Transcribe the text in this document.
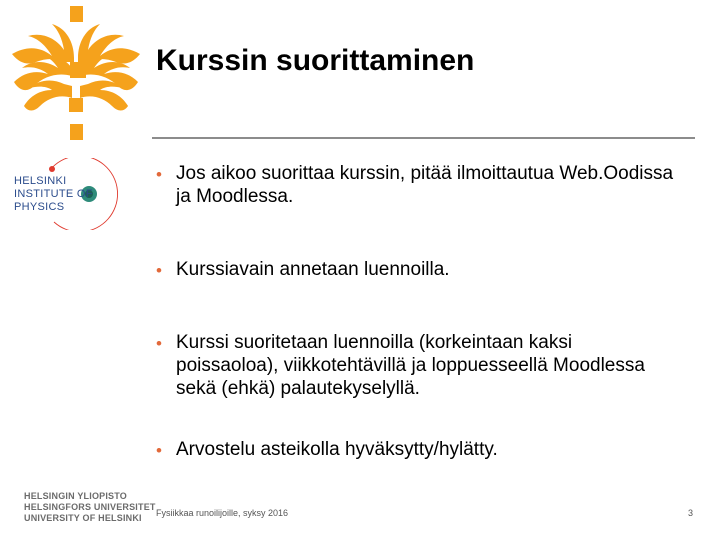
Kurssin suorittaminen
HELSINKI
INSTITUTE OF
PHYSICS
• Jos aikoo suorittaa kurssin, pitää ilmoittautua Web.Oodissa ja Moodlessa.
• Kurssiavain annetaan luennoilla.
• Kurssi suoritetaan luennoilla (korkeintaan kaksi poissaoloa), viikkotehtävillä ja loppuesseellä Moodlessa sekä (ehkä) palautekyselyllä.
• Arvostelu asteikolla hyväksytty/hylätty.
HELSINGIN YLIOPISTO
HELSINGFORS UNIVERSITET
UNIVERSITY OF HELSINKI	Fysiikkaa runoilijoille, syksy 2016	3
